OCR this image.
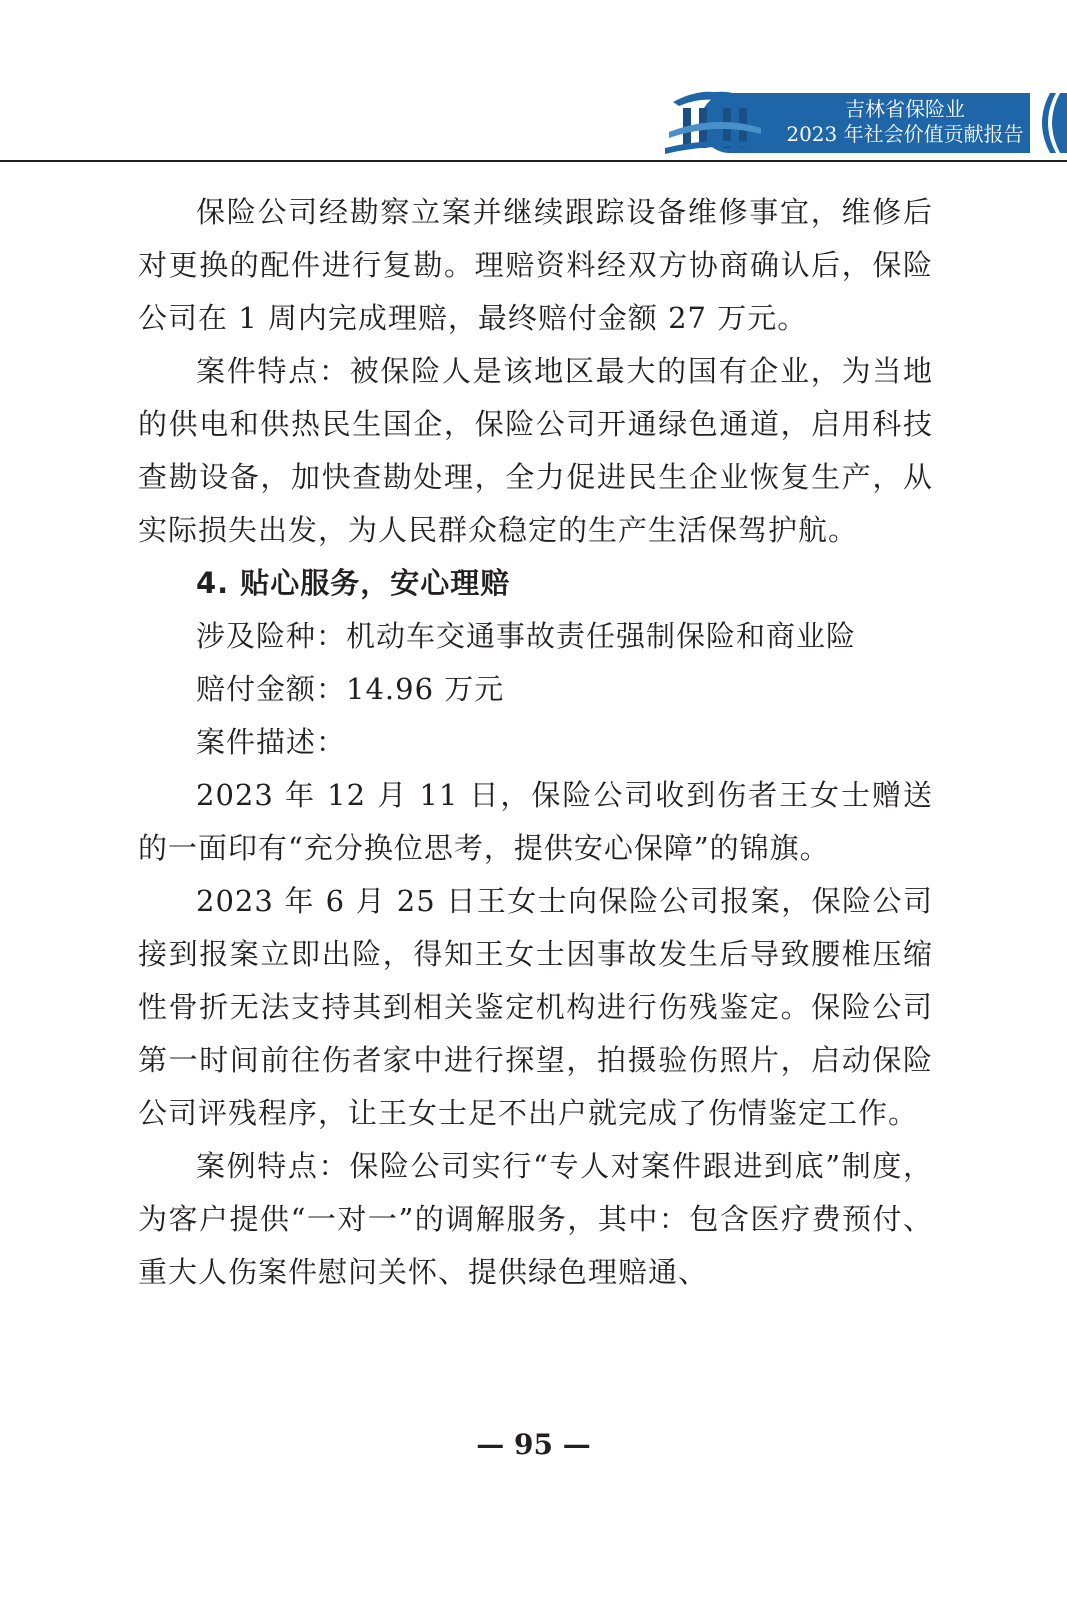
吉林省保险业
2023 年社会价值贡献报告

保险公司经勘察立案并继续跟踪设备维修事宜，维修后对更换的配件进行复勘。理赔资料经双方协商确认后，保险公司在 1 周内完成理赔，最终赔付金额 27 万元。

案件特点：被保险人是该地区最大的国有企业，为当地的供电和供热民生国企，保险公司开通绿色通道，启用科技查勘设备，加快查勘处理，全力促进民生企业恢复生产，从实际损失出发，为人民群众稳定的生产生活保驾护航。

4. 贴心服务，安心理赔

涉及险种：机动车交通事故责任强制保险和商业险

赔付金额：14.96 万元

案件描述：

2023 年 12 月 11 日，保险公司收到伤者王女士赠送的一面印有“充分换位思考，提供安心保障”的锦旗。

2023 年 6 月 25 日王女士向保险公司报案，保险公司接到报案立即出险，得知王女士因事故发生后导致腰椎压缩性骨折无法支持其到相关鉴定机构进行伤残鉴定。保险公司第一时间前往伤者家中进行探望，拍摄验伤照片，启动保险公司评残程序，让王女士足不出户就完成了伤情鉴定工作。

案例特点：保险公司实行“专人对案件跟进到底”制度，为客户提供“一对一”的调解服务，其中：包含医疗费预付、重大人伤案件慰问关怀、提供绿色理赔通、

— 95 —
